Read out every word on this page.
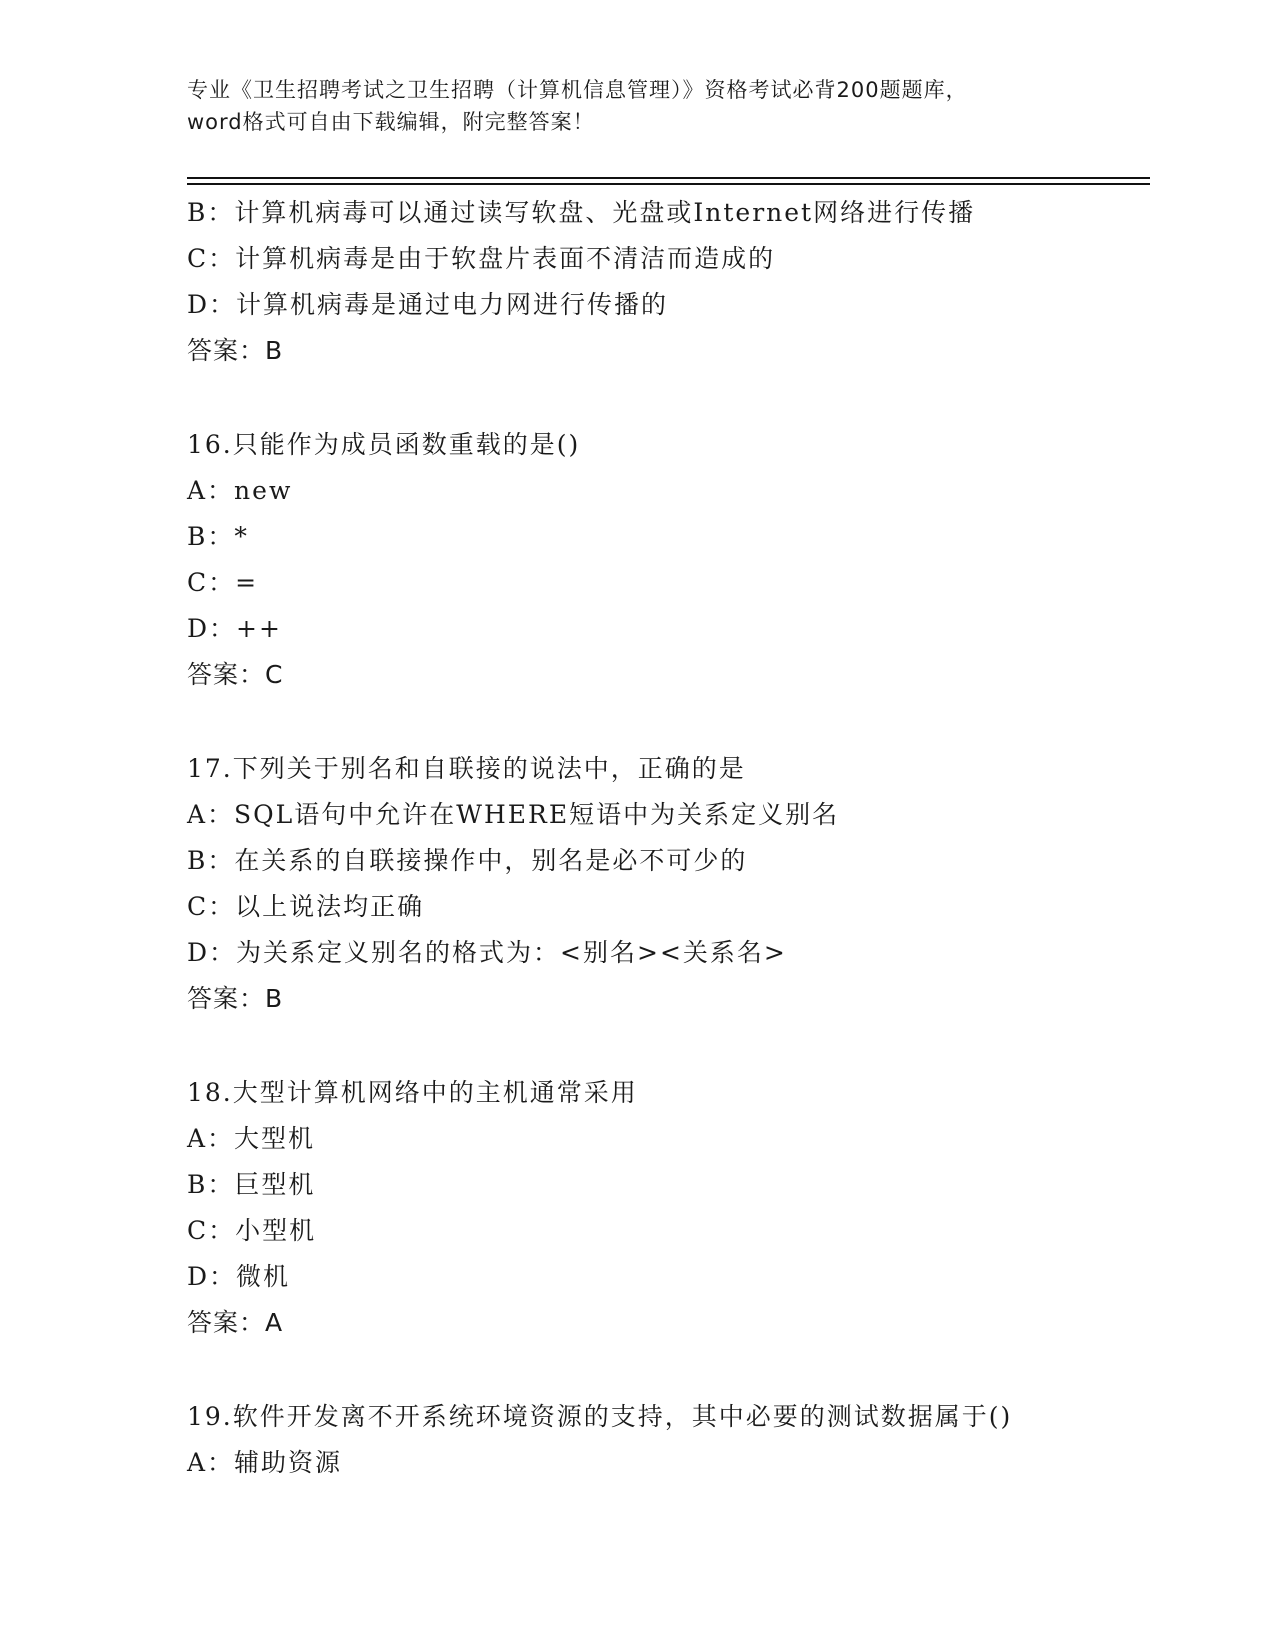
专业《卫生招聘考试之卫生招聘（计算机信息管理）》资格考试必背200题题库，
word格式可自由下载编辑，附完整答案！
B：计算机病毒可以通过读写软盘、光盘或Internet网络进行传播
C：计算机病毒是由于软盘片表面不清洁而造成的
D：计算机病毒是通过电力网进行传播的
答案：B
16.只能作为成员函数重载的是()
A：new
B：*
C：=
D：++
答案：C
17.下列关于别名和自联接的说法中，正确的是
A：SQL语句中允许在WHERE短语中为关系定义别名
B：在关系的自联接操作中，别名是必不可少的
C：以上说法均正确
D：为关系定义别名的格式为：<别名><关系名>
答案：B
18.大型计算机网络中的主机通常采用
A：大型机
B：巨型机
C：小型机
D：微机
答案：A
19.软件开发离不开系统环境资源的支持，其中必要的测试数据属于()
A：辅助资源
